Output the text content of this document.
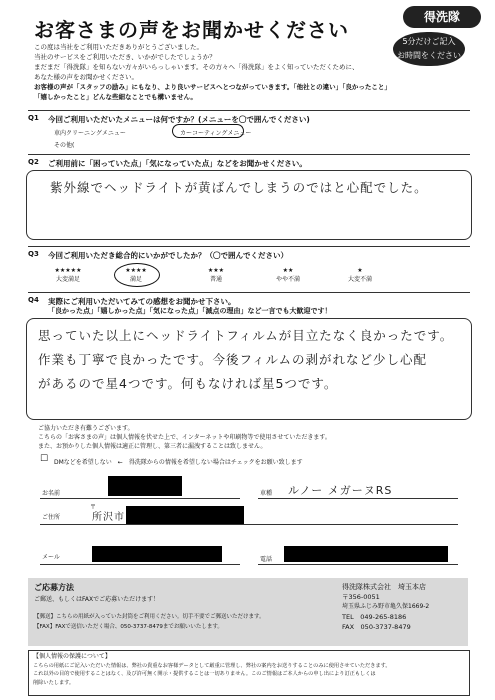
お客さまの声をお聞かせください
得洗隊
5分だけご記入
お時間をください
この度は当社をご利用いただきありがとうございました。
当社のサービスをご利用いただき、いかがでしたでしょうか？
まだまだ「得洗隊」を知らない方々がいらっしゃいます。その方々へ「得洗隊」をよく知っていただくために、
あなた様の声をお聞かせください。
お客様の声が「スタッフの励み」にもなり、より良いサービスへとつながっていきます。「他社との違い」「良かったこと」
「嬉しかったこと」どんな些細なことでも構いません。
Q1 今回ご利用いただいたメニューは何ですか？(メニューを〇で囲んでください)
車内クリーニングメニュー	カーコーティングメニュー
その他(
Q2 ご利用前に「困っていた点」「気になっていた点」などをお聞かせください。
紫外線でヘッドライトが黄ばんでしまうのではと心配でした。
Q3 今回ご利用いただき総合的にいかがでしたか？（〇で囲んでください）
★★★★★
大変満足
★★★★
満足
★★★
普通
★★
やや不満
★
大変不満
Q4 実際にご利用いただいてみての感想をお聞かせ下さい。
「良かった点」「嬉しかった点」「気になった点」「減点の理由」など一言でも大歓迎です！
思っていた以上にヘッドライトフィルムが目立たなく良かったです。
作業も丁寧で良かったです。今後フィルムの剥がれなど少し心配
があるので星4つです。何もなければ星5つです。
ご協力いただき有難うございます。
こちらの「お客さまの声」は個人情報を伏せた上で、インターネットや印刷物等で使用させていただきます。
また、お預かりした個人情報は適正に管理し、第三者に漏洩することは致しません。
☐ DMなどを希望しない　←　得洗隊からの情報を希望しない場合はチェックをお願い致します
お名前	車種 ルノー メガーヌRS
ご住所
〒
所沢市
メール	電話
ご応募方法
ご郵送、もしくはFAXでご応募いただけます！
【郵送】こちらの用紙が入っていた封筒をご利用ください。切手不要でご郵送いただけます。
【FAX】FAXで送信いただく場合、050-3737-8479までお願いいたします。
得洗隊株式会社　埼玉本店
〒356-0051
埼玉県ふじみ野市亀久保1669-2
TEL　049-265-8186
FAX　050-3737-8479
【個人情報の保護について】
こちらの用紙にご記入いただいた情報は、弊社の貴重なお客様データとして厳重に管理し、弊社の案内をお送りすることのみに使用させていただきます。
これ以外の目的で使用することはなく、及び許可無く開示・提供することは一切ありません。このご情報はご本人からの申し出により訂正もしくは
削除いたします。
